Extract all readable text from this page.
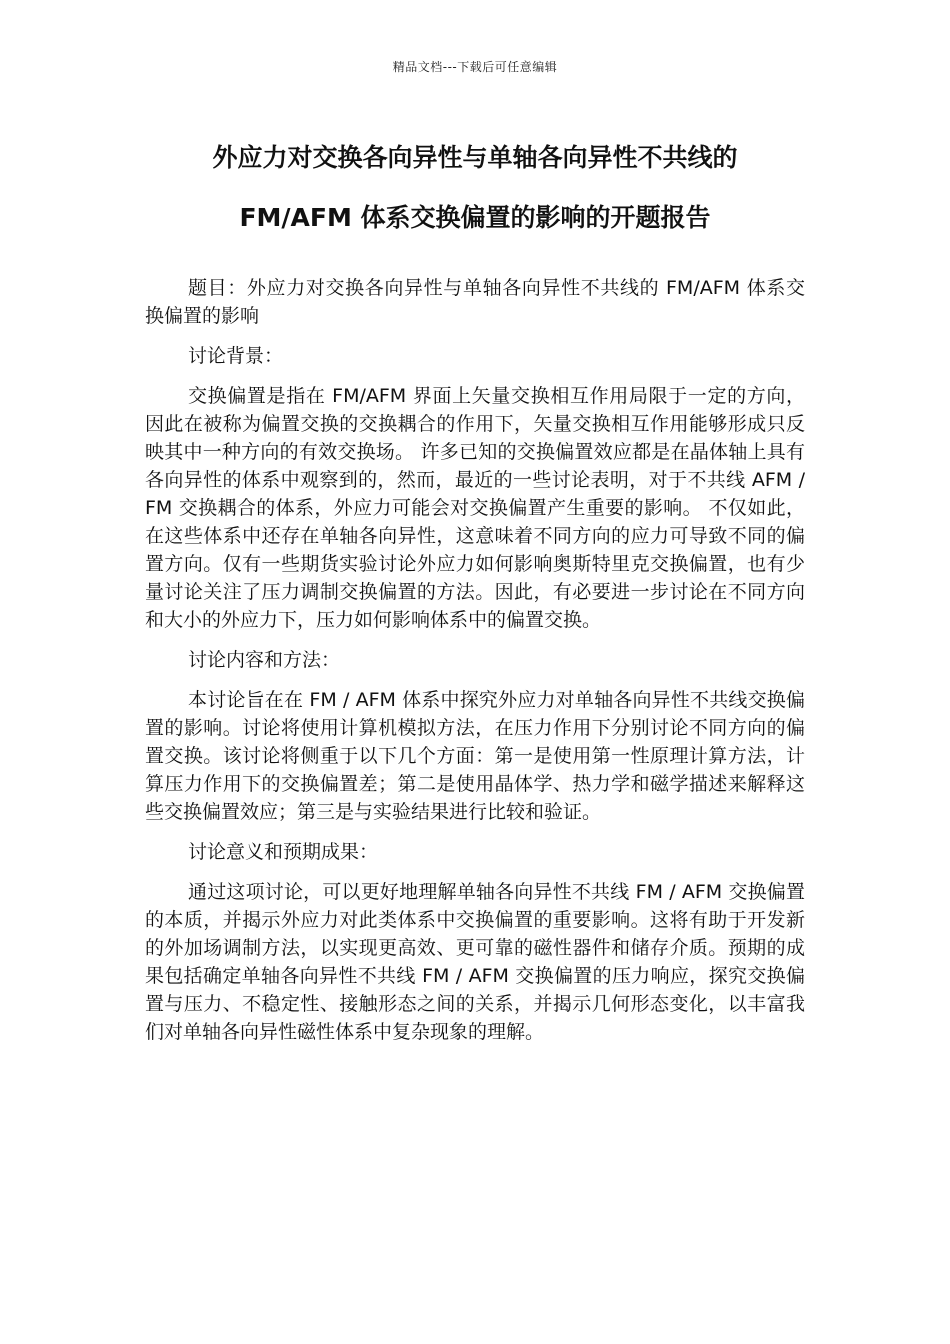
精品文档---下载后可任意编辑
外应力对交换各向异性与单轴各向异性不共线的
FM/AFM 体系交换偏置的影响的开题报告

题目：外应力对交换各向异性与单轴各向异性不共线的 FM/AFM 体系交换偏置的影响

讨论背景：

交换偏置是指在 FM/AFM 界面上矢量交换相互作用局限于一定的方向，因此在被称为偏置交换的交换耦合的作用下，矢量交换相互作用能够形成只反映其中一种方向的有效交换场。 许多已知的交换偏置效应都是在晶体轴上具有各向异性的体系中观察到的，然而，最近的一些讨论表明，对于不共线 AFM / FM 交换耦合的体系，外应力可能会对交换偏置产生重要的影响。 不仅如此，在这些体系中还存在单轴各向异性，这意味着不同方向的应力可导致不同的偏置方向。仅有一些期货实验讨论外应力如何影响奥斯特里克交换偏置，也有少量讨论关注了压力调制交换偏置的方法。因此，有必要进一步讨论在不同方向和大小的外应力下，压力如何影响体系中的偏置交换。

讨论内容和方法：

本讨论旨在在 FM / AFM 体系中探究外应力对单轴各向异性不共线交换偏置的影响。讨论将使用计算机模拟方法，在压力作用下分别讨论不同方向的偏置交换。该讨论将侧重于以下几个方面：第一是使用第一性原理计算方法，计算压力作用下的交换偏置差；第二是使用晶体学、热力学和磁学描述来解释这些交换偏置效应；第三是与实验结果进行比较和验证。

讨论意义和预期成果：

通过这项讨论，可以更好地理解单轴各向异性不共线 FM / AFM 交换偏置的本质，并揭示外应力对此类体系中交换偏置的重要影响。这将有助于开发新的外加场调制方法，以实现更高效、更可靠的磁性器件和储存介质。预期的成果包括确定单轴各向异性不共线 FM / AFM 交换偏置的压力响应，探究交换偏置与压力、不稳定性、接触形态之间的关系，并揭示几何形态变化，以丰富我们对单轴各向异性磁性体系中复杂现象的理解。
